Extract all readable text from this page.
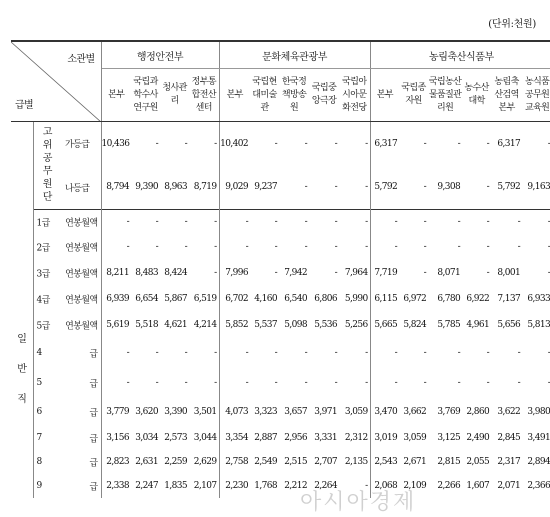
(단위:천원)
소관별
급별			행정안전부				문화체육관광부					농림축산식품부					
			본부	국립과학수사연구원	청사관리	정부통합전산센터	본부	국립현대미술관	한국정책방송원	국립중앙극장	국립아시아문화전당	본부	국립종자원	국립농산물품질관리원	농수산대학	농림축산검역본부	농식품공무원교육원
일반직	고위공무원단	가등급	10,436	-	-	-	10,402	-	-	-	-	6,317	-	-	-	6,317	-
		나등급	8,794	9,390	8,963	8,719	9,029	9,237	-	-	-	5,792	-	9,308	-	5,792	9,163

	1급 연봉월액		-	-	-	-	-	-	-	-	-	-	-	-	-	-	-

	2급 연봉월액		-	-	-	-	-	-	-	-	-	-	-	-	-	-	-

	3급 연봉월액		8,211	8,483	8,424	-	7,996	-	7,942	-	7,964	7,719	-	8,071	-	8,001	-

	4급 연봉월액		6,939	6,654	5,867	6,519	6,702	4,160	6,540	6,806	5,990	6,115	6,972	6,780	6,922	7,137	6,933

	5급 연봉월액		5,619	5,518	4,621	4,214	5,852	5,537	5,098	5,536	5,256	5,665	5,824	5,785	4,961	5,656	5,813

	4 급		-	-	-	-	-	-	-	-	-	-	-	-	-	-	-

	5 급		-	-	-	-	-	-	-	-	-	-	-	-	-	-	-

	6 급		3,779	3,620	3,390	3,501	4,073	3,323	3,657	3,971	3,059	3,470	3,662	3,769	2,860	3,622	3,980

	7 급		3,156	3,034	2,573	3,044	3,354	2,887	2,956	3,331	2,312	3,019	3,059	3,125	2,490	2,845	3,491

	8 급		2,823	2,631	2,259	2,629	2,758	2,549	2,515	2,707	2,135	2,543	2,671	2,815	2,055	2,317	2,894

	9 급		2,338	2,247	1,835	2,107	2,230	1,768	2,212	2,264	-	2,068	2,109	2,266	1,607	2,071	2,366
아시아경제
